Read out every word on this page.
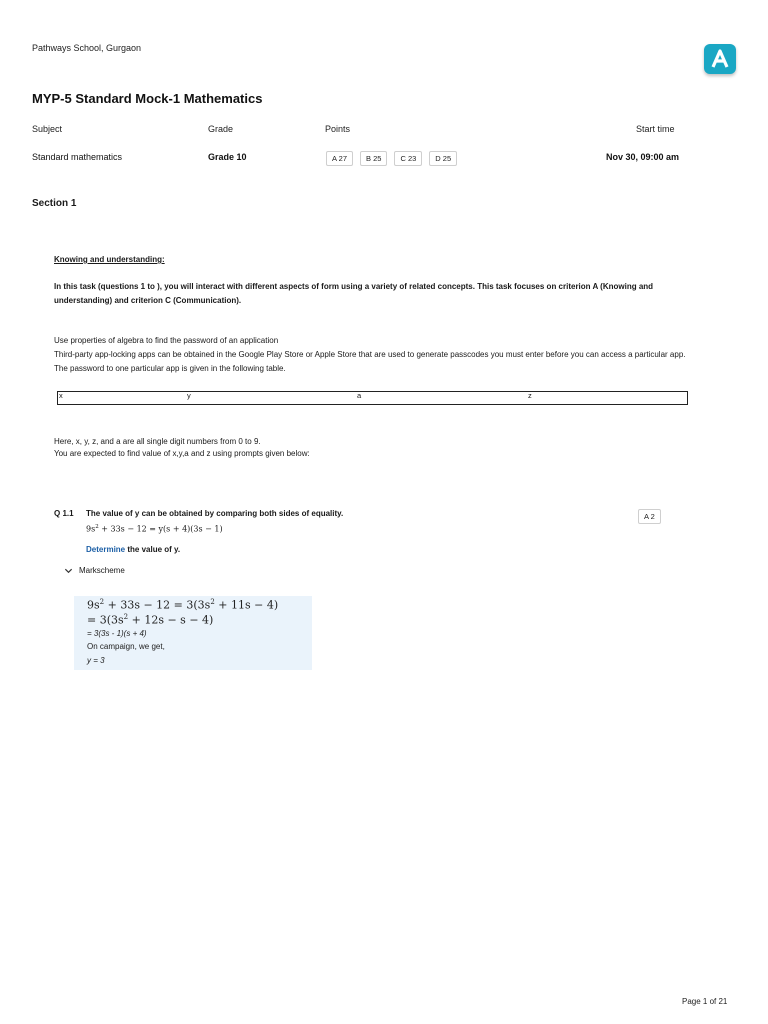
Pathways School, Gurgaon
MYP-5 Standard Mock-1 Mathematics
Subject	Grade	Points	Start time
Standard mathematics	Grade 10	A 27	B 25	C 23	D 25	Nov 30, 09:00 am
Section 1
Knowing and understanding:
In this task (questions 1 to ), you will interact with different aspects of form using a variety of related concepts. This task focuses on criterion A (Knowing and understanding) and criterion C (Communication).
Use properties of algebra to find the password of an application
Third-party app-locking apps can be obtained in the Google Play Store or Apple Store that are used to generate passcodes you must enter before you can access a particular app. The password to one particular app is given in the following table.
x	y	a	z
Here, x, y, z, and a are all single digit numbers from 0 to 9.
You are expected to find value of x,y,a and z using prompts given below:
Q 1.1 The value of y can be obtained by comparing both sides of equality.
$9s^2 + 33s - 12 = y(s + 4)(3s - 1)$
Determine the value of y.
A 2
Markscheme
$9s^2 + 33s - 12 = 3(3s^2 + 11s - 4)$
= $3(3s^2 + 12s - s - 4)$
= 3(3s - 1)(s + 4)
On campaign, we get,
y = 3
Page 1 of 21
